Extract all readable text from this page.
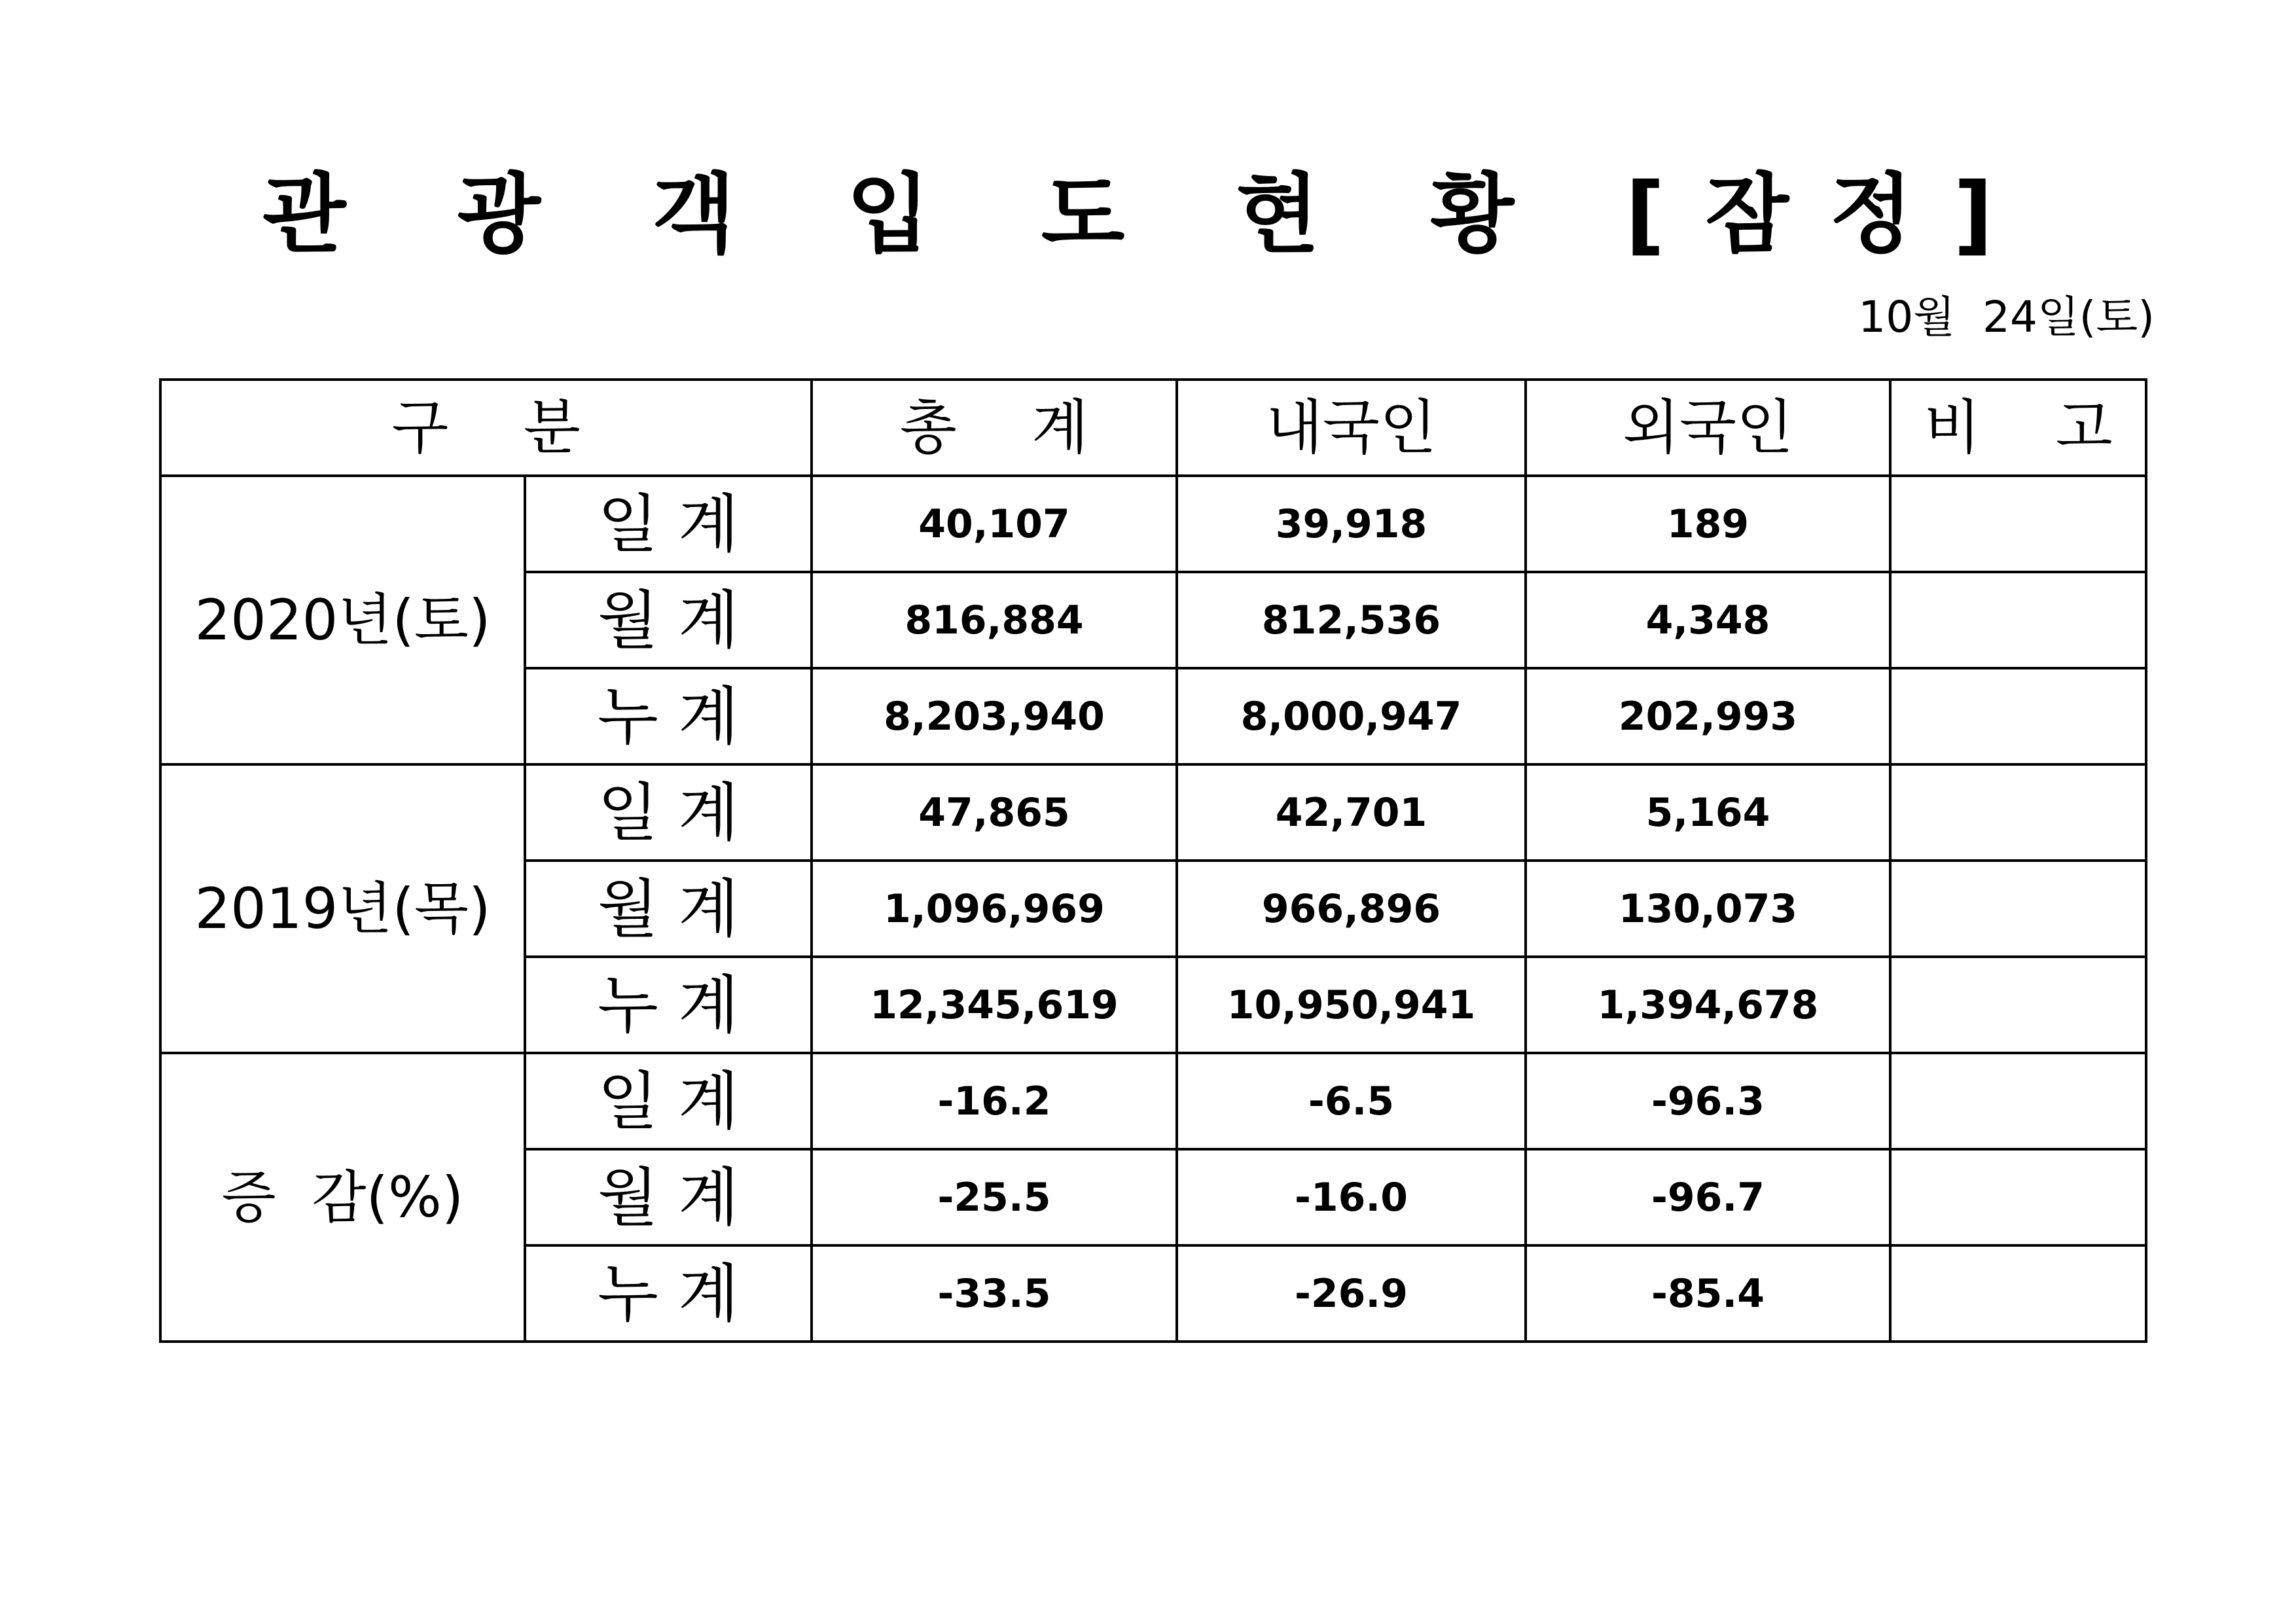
관 광 객 입 도 현 황 [잠정]
10월  24일(토)
구    분		총    계	내국인	외국인	비    고
2020년(토)	일 계	40,107	39,918	189	
	월 계	816,884	812,536	4,348	
	누 계	8,203,940	8,000,947	202,993	
2019년(목)	일 계	47,865	42,701	5,164	
	월 계	1,096,969	966,896	130,073	
	누 계	12,345,619	10,950,941	1,394,678	
증  감(%)	일 계	-16.2	-6.5	-96.3	
	월 계	-25.5	-16.0	-96.7	
	누 계	-33.5	-26.9	-85.4	
